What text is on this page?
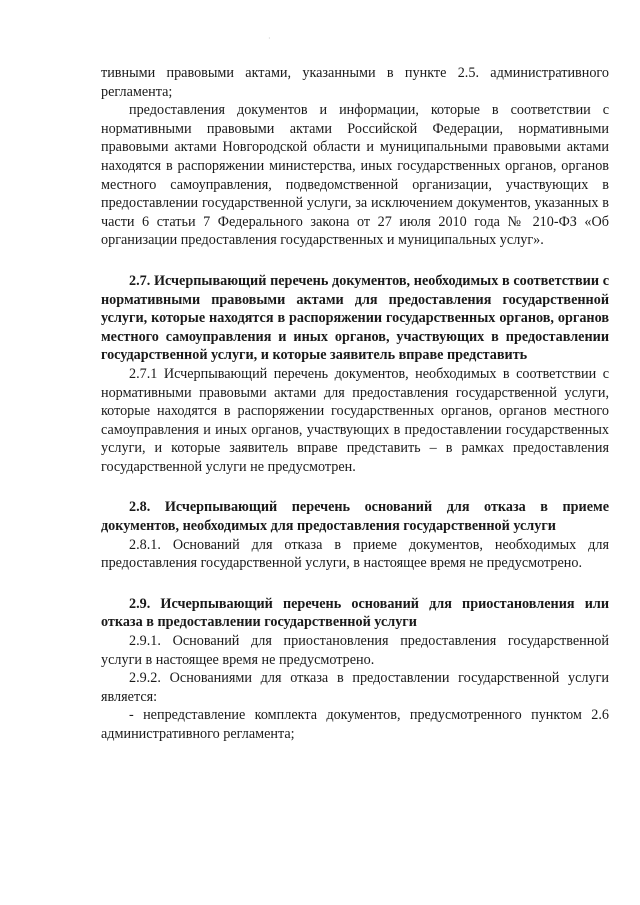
·

тивными правовыми актами, указанными в пункте 2.5. административного регламента;

предоставления документов и информации, которые в соответствии с нормативными правовыми актами Российской Федерации, нормативными правовыми актами Новгородской области и муниципальными правовыми актами находятся в распоряжении министерства, иных государственных органов, органов местного самоуправления, подведомственной организации, участвующих в предоставлении государственной услуги, за исключением документов, указанных в части 6 статьи 7 Федерального закона от 27 июля 2010 года № 210-ФЗ «Об организации предоставления государственных и муниципальных услуг».

2.7. Исчерпывающий перечень документов, необходимых в соответствии с нормативными правовыми актами для предоставления государственной услуги, которые находятся в распоряжении государственных органов, органов местного самоуправления и иных органов, участвующих в предоставлении государственной услуги, и которые заявитель вправе представить

2.7.1 Исчерпывающий перечень документов, необходимых в соответствии с нормативными правовыми актами для предоставления государственной услуги, которые находятся в распоряжении государственных органов, органов местного самоуправления и иных органов, участвующих в предоставлении государственных услуги, и которые заявитель вправе представить – в рамках предоставления государственной услуги не предусмотрен.

2.8. Исчерпывающий перечень оснований для отказа в приеме документов, необходимых для предоставления государственной услуги

2.8.1. Оснований для отказа в приеме документов, необходимых для предоставления государственной услуги, в настоящее время не предусмотрено.

2.9. Исчерпывающий перечень оснований для приостановления или отказа в предоставлении государственной услуги

2.9.1. Оснований для приостановления предоставления государственной услуги в настоящее время не предусмотрено.

2.9.2. Основаниями для отказа в предоставлении государственной услуги является:

- непредставление комплекта документов, предусмотренного пунктом 2.6 административного регламента;
